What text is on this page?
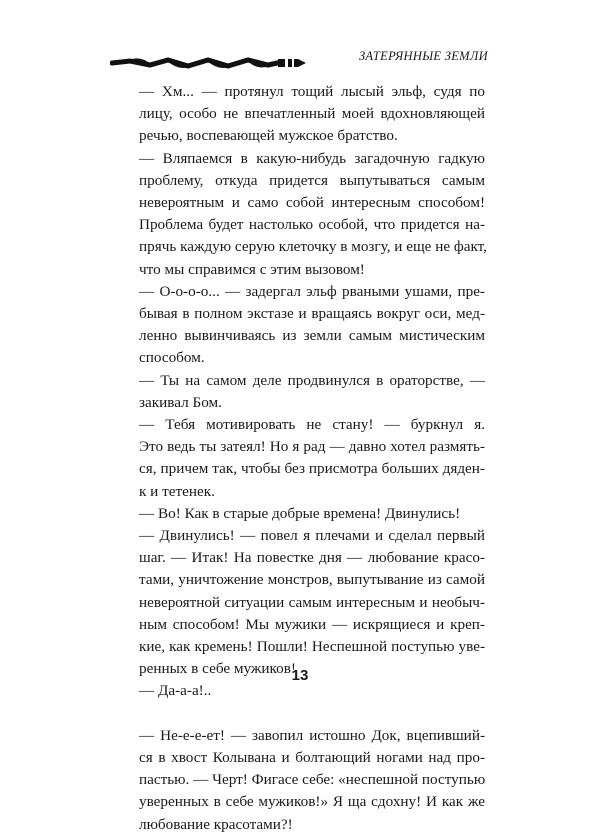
ЗАТЕРЯННЫЕ ЗЕМЛИ

— Хм... — протянул тощий лысый эльф, судя по
лицу, особо не впечатленный моей вдохновляющей
речью, воспевающей мужское братство.

— Вляпаемся в какую-нибудь загадочную гадкую
проблему, откуда придется выпутываться самым
невероятным и само собой интересным способом!
Проблема будет настолько особой, что придется на-
прячь каждую серую клеточку в мозгу, и еще не факт,
что мы справимся с этим вызовом!

— О-о-о-о... — задергал эльф рваными ушами, пре-
бывая в полном экстазе и вращаясь вокруг оси, мед-
ленно вывинчиваясь из земли самым мистическим
способом.

— Ты на самом деле продвинулся в ораторстве, —
закивал Бом.

— Тебя мотивировать не стану! — буркнул я.
Это ведь ты затеял! Но я рад — давно хотел размять-
ся, причем так, чтобы без присмотра больших дяден-
к и тетенек.

— Во! Как в старые добрые времена! Двинулись!

— Двинулись! — повел я плечами и сделал первый
шаг. — Итак! На повестке дня — любование красо-
тами, уничтожение монстров, выпутывание из самой
невероятной ситуации самым интересным и необыч-
ным способом! Мы мужики — искрящиеся и креп-
кие, как кремень! Пошли! Неспешной поступью уве-
ренных в себе мужиков!

— Да-а-а!..

— Не-е-е-ет! — завопил истошно Док, вцепивший-
ся в хвост Колывана и болтающий ногами над про-
пастью. — Черт! Фигасе себе: «неспешной поступью
уверенных в себе мужиков!» Я ща сдохну! И как же
любование красотами?!

13
